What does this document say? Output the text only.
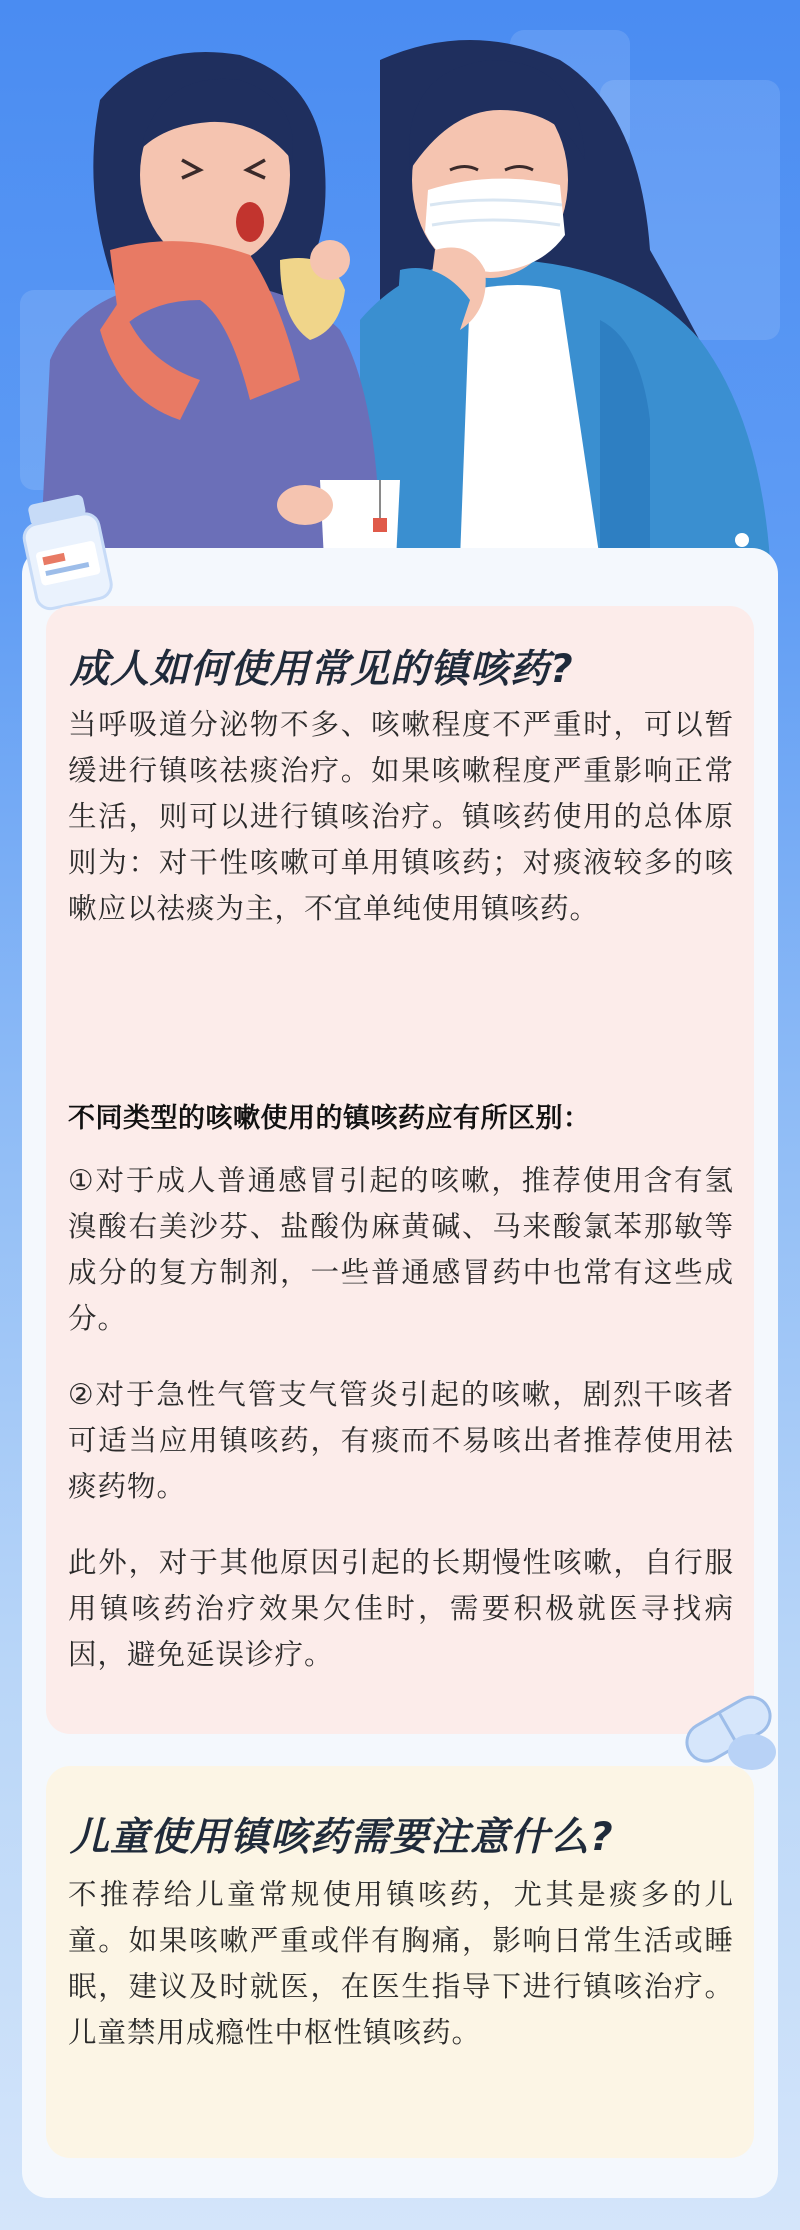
成人如何使用常见的镇咳药?

当呼吸道分泌物不多、咳嗽程度不严重时，可以暂缓进行镇咳祛痰治疗。如果咳嗽程度严重影响正常生活，则可以进行镇咳治疗。镇咳药使用的总体原则为：对干性咳嗽可单用镇咳药；对痰液较多的咳嗽应以祛痰为主，不宜单纯使用镇咳药。

不同类型的咳嗽使用的镇咳药应有所区别：

①对于成人普通感冒引起的咳嗽，推荐使用含有氢溴酸右美沙芬、盐酸伪麻黄碱、马来酸氯苯那敏等成分的复方制剂，一些普通感冒药中也常有这些成分。

②对于急性气管支气管炎引起的咳嗽，剧烈干咳者可适当应用镇咳药，有痰而不易咳出者推荐使用祛痰药物。

此外，对于其他原因引起的长期慢性咳嗽，自行服用镇咳药治疗效果欠佳时，需要积极就医寻找病因，避免延误诊疗。

儿童使用镇咳药需要注意什么?

不推荐给儿童常规使用镇咳药，尤其是痰多的儿童。如果咳嗽严重或伴有胸痛，影响日常生活或睡眠，建议及时就医，在医生指导下进行镇咳治疗。儿童禁用成瘾性中枢性镇咳药。
